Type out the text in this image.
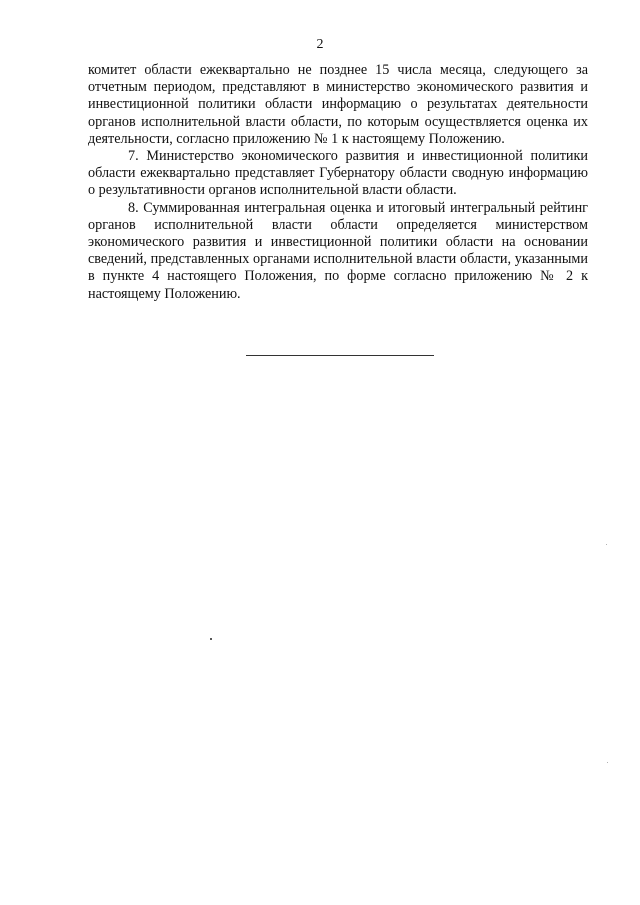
2

комитет области ежеквартально не позднее 15 числа месяца, следующего за отчетным периодом, представляют в министерство экономического развития и инвестиционной политики области информацию о результатах деятельности органов исполнительной власти области, по которым осуществляется оценка их деятельности, согласно приложению № 1 к настоящему Положению.

7. Министерство экономического развития и инвестиционной политики области ежеквартально представляет Губернатору области сводную информацию о результативности органов исполнительной власти области.

8. Суммированная интегральная оценка и итоговый интегральный рейтинг органов исполнительной власти области определяется министерством экономического развития и инвестиционной политики области на основании сведений, представленных органами исполнительной власти области, указанными в пункте 4 настоящего Положения, по форме согласно приложению № 2 к настоящему Положению.
